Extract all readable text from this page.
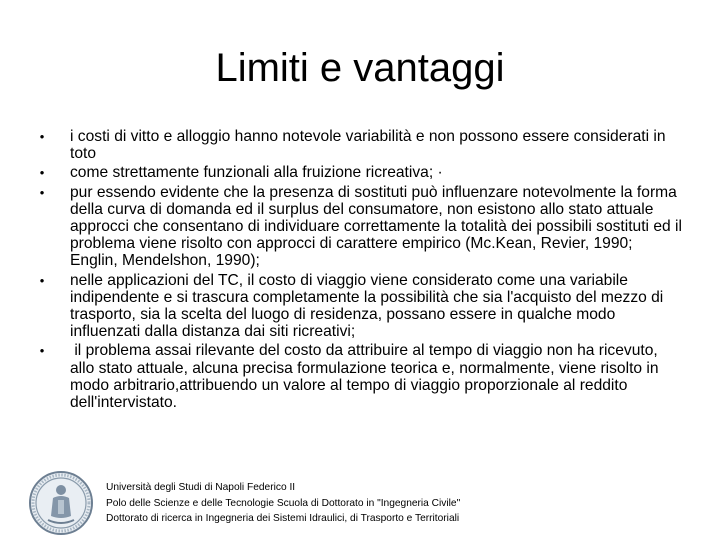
Limiti e vantaggi
• i costi di vitto e alloggio hanno notevole variabilità e non possono essere considerati in toto
• come strettamente funzionali alla fruizione ricreativa; ·
• pur essendo evidente che la presenza di sostituti può influenzare notevolmente la forma della curva di domanda ed il surplus del consumatore, non esistono allo stato attuale approcci che consentano di individuare correttamente la totalità dei possibili sostituti ed il problema viene risolto con approcci di carattere empirico (Mc.Kean, Revier, 1990; Englin, Mendelshon, 1990);
• nelle applicazioni del TC, il costo di viaggio viene considerato come una variabile indipendente e si trascura completamente la possibilità che sia l'acquisto del mezzo di trasporto, sia la scelta del luogo di residenza, possano essere in qualche modo influenzati dalla distanza dai siti ricreativi;
• il problema assai rilevante del costo da attribuire al tempo di viaggio non ha ricevuto, allo stato attuale, alcuna precisa formulazione teorica e, normalmente, viene risolto in modo arbitrario,attribuendo un valore al tempo di viaggio proporzionale al reddito dell'intervistato.
Università degli Studi di Napoli Federico II
Polo delle Scienze e delle Tecnologie Scuola di Dottorato in "Ingegneria Civile"
Dottorato di ricerca in Ingegneria dei Sistemi Idraulici, di Trasporto e Territoriali
